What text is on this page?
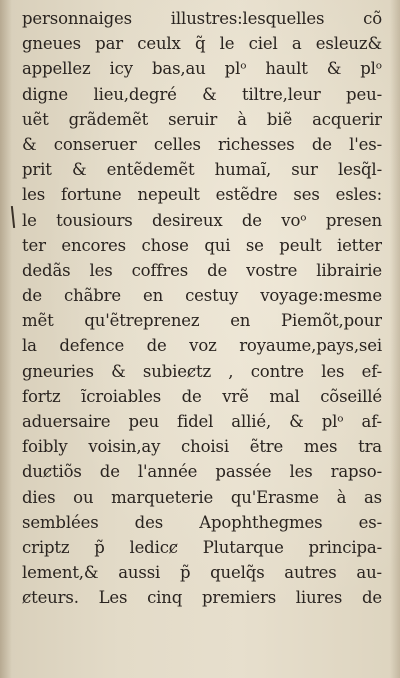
personnaiges illustres:lesquelles cõ
gneues par ceulx q̃ le ciel a esleuz&
appellez icy bas,au plᵒ hault & plᵒ
digne lieu,degré & tiltre,leur peu-
uẽt grãdemẽt seruir à biẽ acquerir
& conseruer celles richesses de l'es-
prit & entẽdemẽt humaĩ, sur lesq̃l-
les fortune nepeult estẽdre ses esles:
le tousiours desireux de voᵒ presen
ter encores chose qui se peult ietter
dedãs les coffres de vostre librairie
de chãbre en cestuy voyage:mesme
mẽt qu'ẽtreprenez en Piemõt,pour
la defence de voz royaume,pays,sei
gneuries & subieȼtz , contre les ef-
fortz ĩcroiables de vrẽ mal cõseillé
aduersaire peu fidel allié, & plᵒ af-
foibly voisin,ay choisi ẽtre mes tra
duȼtiõs de l'année passée les rapso-
dies ou marqueterie qu'Erasme à as
semblées des Apophthegmes es-
criptz p̃ ledicȼ Plutarque principa-
lement,& aussi p̃ quelq̃s autres au-
ȼteurs. Les cinq premiers liures de
